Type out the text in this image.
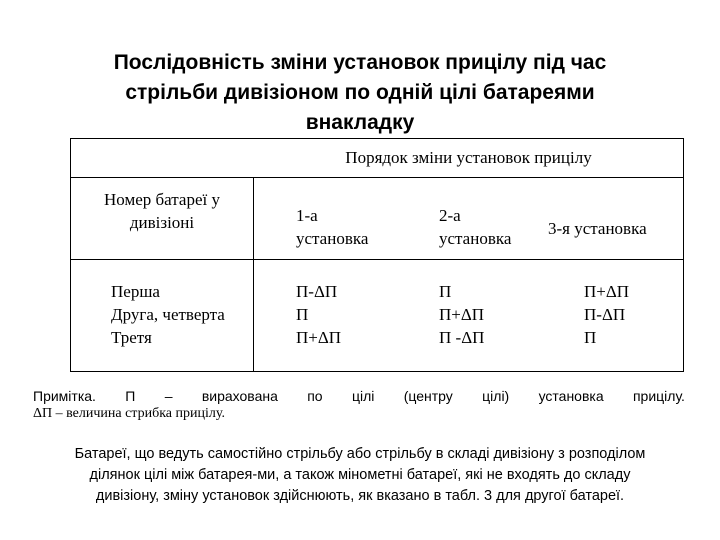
Послідовність зміни установок прицілу під час
стрільби дивізіоном по одній цілі батареями
внакладку
Порядок зміни установок прицілу
Номер батареї у
дивізіоні	1-а
установка
2-а
установка
3-я установка
Перша
Друга, четверта
Третя
П-ΔП
П
П+ΔП
П
П+ΔП
П -ΔП
П+ΔП
П-ΔП
П
Примітка. П – вирахована по цілі (центру цілі) установка прицілу.
ΔП – величина стрибка прицілу.
Батареї, що ведуть самостійно стрільбу або стрільбу в складі дивізіону з розподілом
ділянок цілі між батарея-ми, а також мінометні батареї, які не входять до складу
дивізіону, зміну установок здійснюють, як вказано в табл. 3 для другої батареї.
